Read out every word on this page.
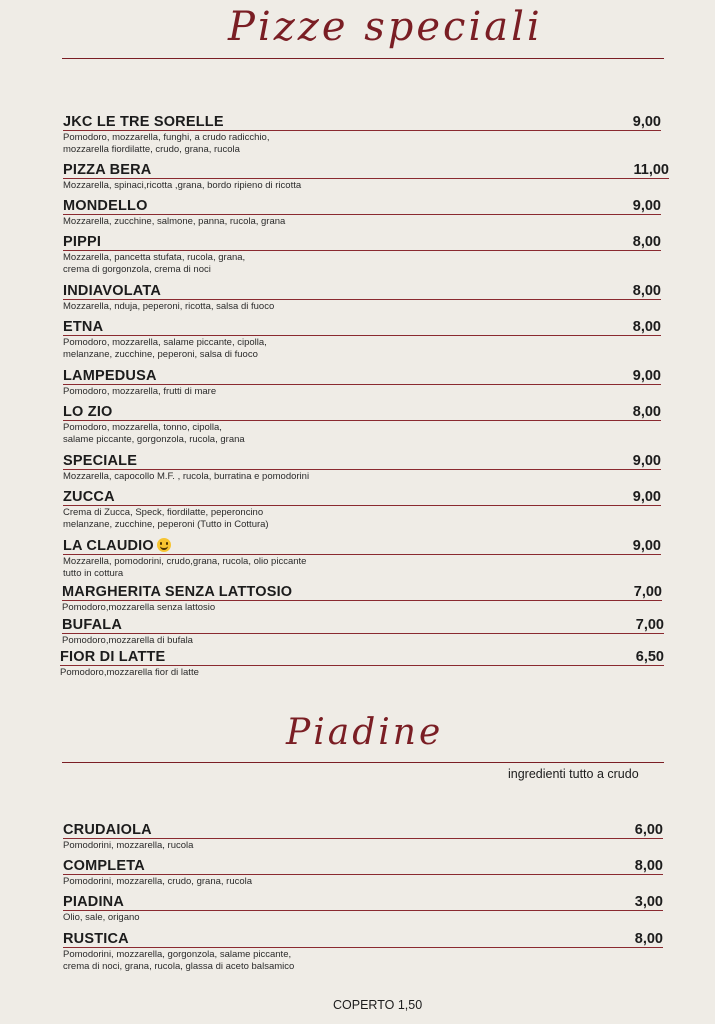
Pizze speciali
JKC LE TRE SORELLE	9,00
Pomodoro, mozzarella, funghi, a crudo radicchio,
mozzarella fiordilatte, crudo, grana, rucola
PIZZA BERA	11,00
Mozzarella, spinaci,ricotta ,grana, bordo ripieno di ricotta
MONDELLO	9,00
Mozzarella, zucchine, salmone, panna, rucola, grana
PIPPI	8,00
Mozzarella, pancetta stufata, rucola, grana,
crema di gorgonzola, crema di noci
INDIAVOLATA	8,00
Mozzarella, nduja, peperoni, ricotta, salsa di fuoco
ETNA	8,00
Pomodoro, mozzarella, salame piccante, cipolla,
melanzane, zucchine, peperoni, salsa di fuoco
LAMPEDUSA	9,00
Pomodoro, mozzarella, frutti di mare
LO ZIO	8,00
Pomodoro, mozzarella, tonno, cipolla,
salame piccante, gorgonzola, rucola, grana
SPECIALE	9,00
Mozzarella, capocollo M.F. , rucola, burratina e pomodorini
ZUCCA	9,00
Crema di Zucca, Speck, fiordilatte, peperoncino
melanzane, zucchine, peperoni (Tutto in Cottura)
LA CLAUDIO	9,00
Mozzarella, pomodorini, crudo,grana, rucola, olio piccante
tutto in cottura
MARGHERITA SENZA LATTOSIO	7,00
Pomodoro,mozzarella senza lattosio
BUFALA	7,00
Pomodoro,mozzarella di bufala
FIOR DI LATTE	6,50
Pomodoro,mozzarella fior di latte
Piadine
ingredienti tutto a crudo
CRUDAIOLA	6,00
Pomodorini, mozzarella, rucola
COMPLETA	8,00
Pomodorini, mozzarella, crudo, grana, rucola
PIADINA	3,00
Olio, sale, origano
RUSTICA	8,00
Pomodorini, mozzarella, gorgonzola, salame piccante,
crema di noci, grana, rucola, glassa di aceto balsamico
COPERTO 1,50
